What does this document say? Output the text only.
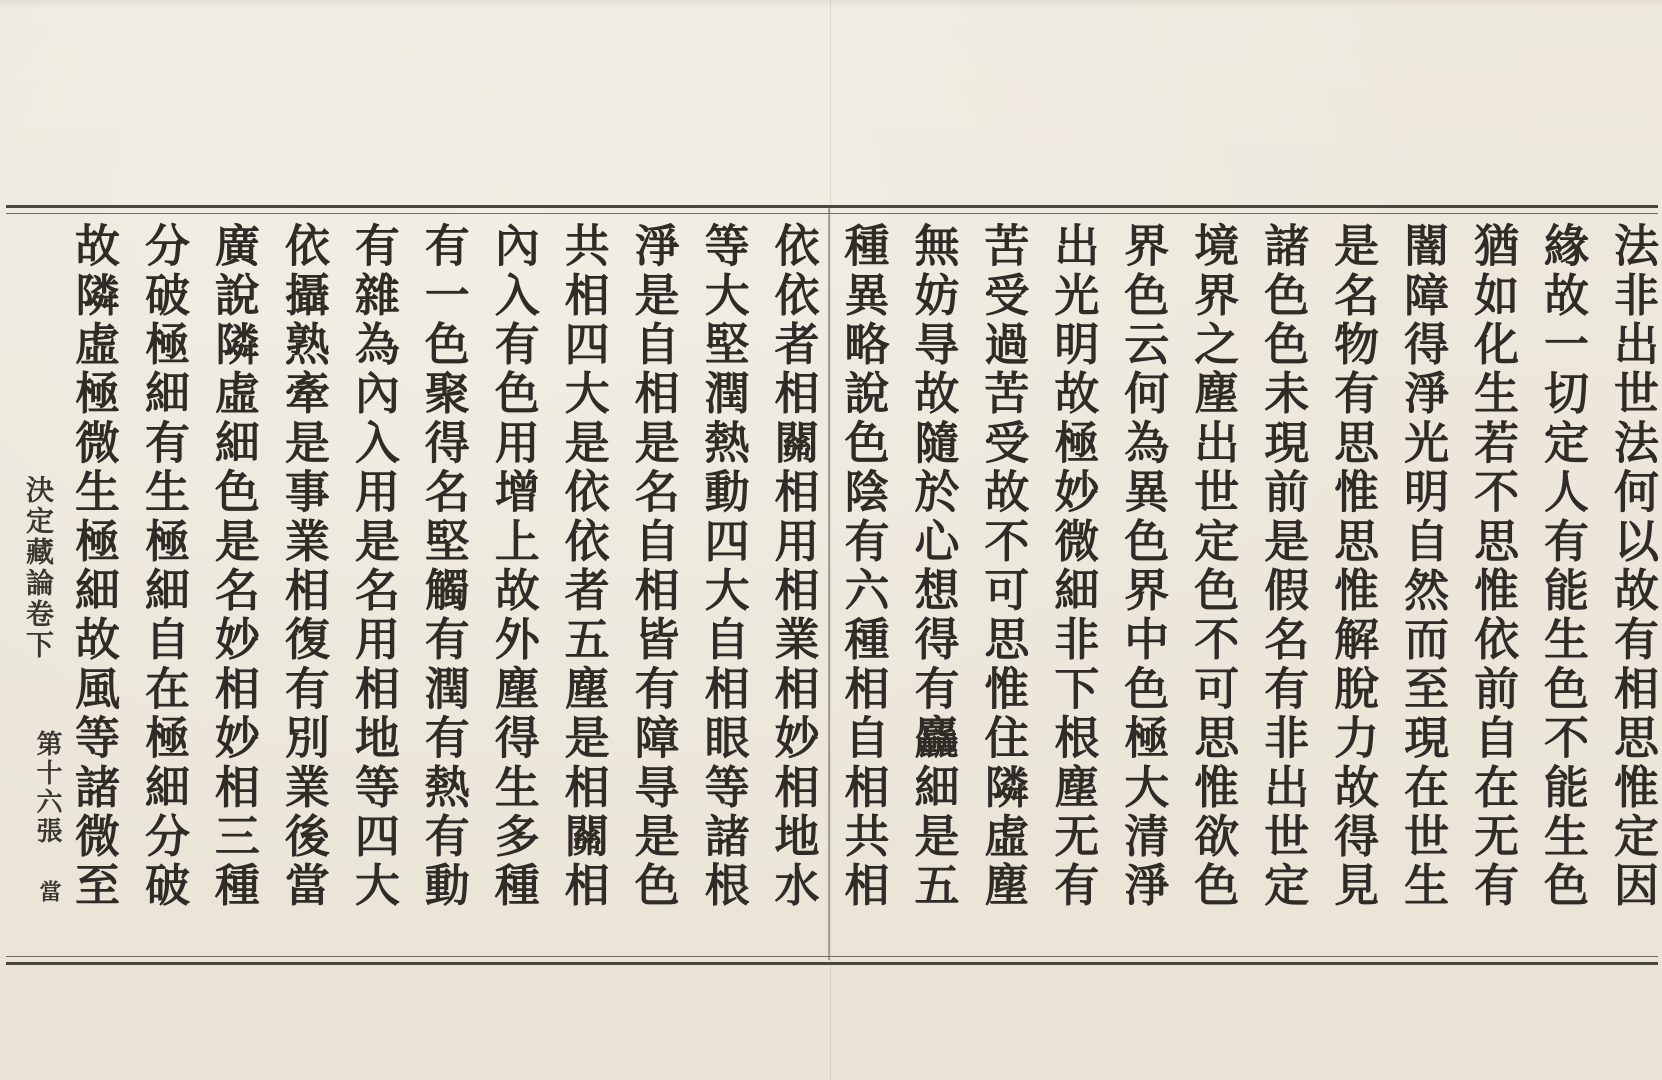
法非出世法何以故有相思惟定因
緣故一切定人有能生色不能生色
猶如化生若不思惟依前自在无有
闇障得淨光明自然而至現在世生
是名物有思惟思惟解脫力故得見
諸色色未現前是假名有非出世定
境界之塵出世定色不可思惟欲色
界色云何為異色界中色極大清淨
出光明故極妙微細非下根塵无有
苦受過苦受故不可思惟住隣虛塵
無妨㝵故隨於心想得有麤細是五
種異略說色陰有六種相自相共相
依依者相關相用相業相妙相地水
等大堅潤熱動四大自相眼等諸根
淨是自相是名自相皆有障㝵是色
共相四大是依依者五塵是相關相
內入有色用增上故外塵得生多種
有一色聚得名堅觸有潤有熱有動
有雜為內入用是名用相地等四大
依攝熟牽是事業相復有別業後當
廣說隣虛細色是名妙相妙相三種
分破極細有生極細自在極細分破
故隣虛極微生極細故風等諸微至
決定藏論卷下
第十六張
當
